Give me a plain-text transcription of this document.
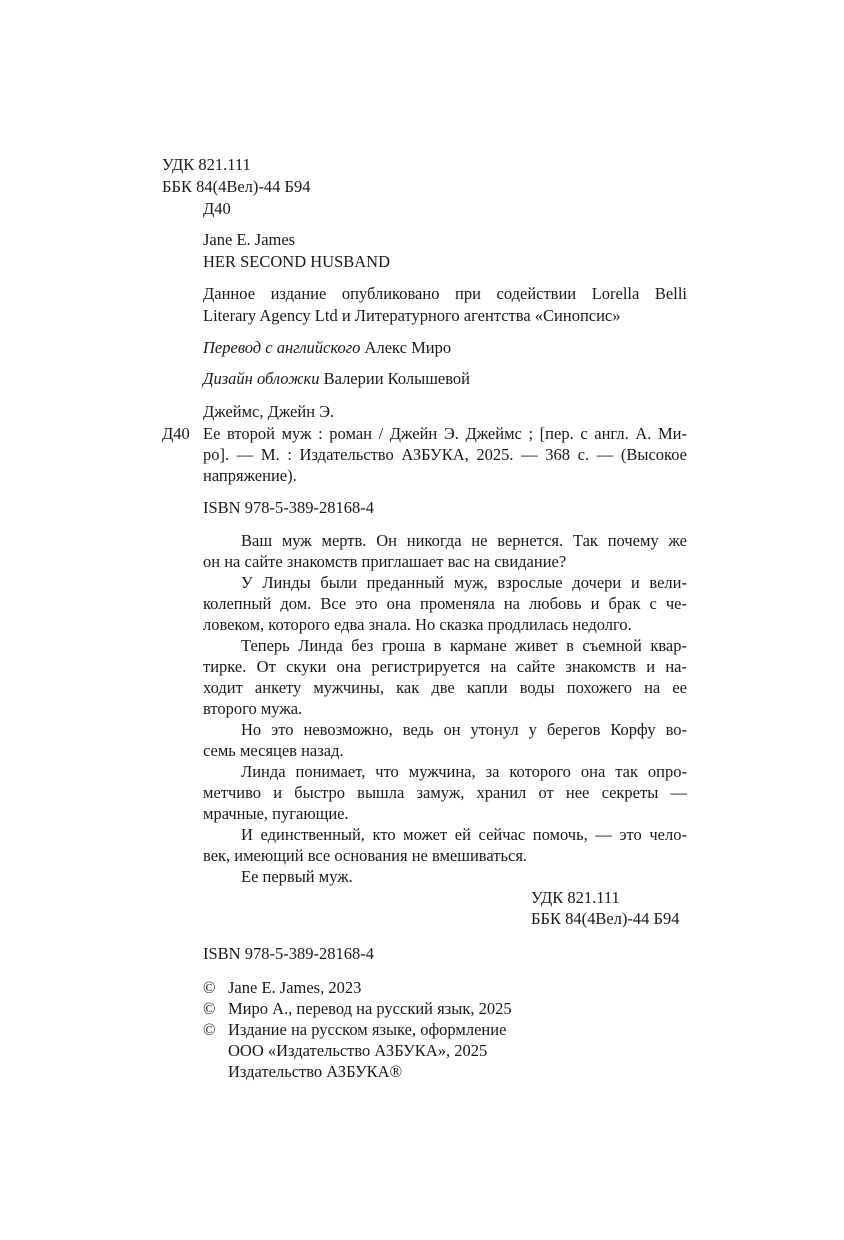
УДК 821.111
ББК 84(4Вел)-44 Б94
Д40
Jane E. James
HER SECOND HUSBAND
Данное издание опубликовано при содействии Lorella Belli
Literary Agency Ltd и Литературного агентства «Синопсис»
Перевод с английского Алекс Миро
Дизайн обложки Валерии Колышевой
Джеймс, Джейн Э.
Д40 Ее второй муж : роман / Джейн Э. Джеймс ; [пер. с англ. А. Ми-
ро]. — М. : Издательство АЗБУКА, 2025. — 368 с. — (Высокое
напряжение).
ISBN 978-5-389-28168-4
Ваш муж мертв. Он никогда не вернется. Так почему же
он на сайте знакомств приглашает вас на свидание?
У Линды были преданный муж, взрослые дочери и вели-
колепный дом. Все это она променяла на любовь и брак с че-
ловеком, которого едва знала. Но сказка продлилась недолго.
Теперь Линда без гроша в кармане живет в съемной квар-
тирке. От скуки она регистрируется на сайте знакомств и на-
ходит анкету мужчины, как две капли воды похожего на ее
второго мужа.
Но это невозможно, ведь он утонул у берегов Корфу во-
семь месяцев назад.
Линда понимает, что мужчина, за которого она так опро-
метчиво и быстро вышла замуж, хранил от нее секреты —
мрачные, пугающие.
И единственный, кто может ей сейчас помочь, — это чело-
век, имеющий все основания не вмешиваться.
Ее первый муж.
УДК 821.111
ББК 84(4Вел)-44 Б94
ISBN 978-5-389-28168-4
© Jane E. James, 2023
© Миро А., перевод на русский язык, 2025
© Издание на русском языке, оформление
ООО «Издательство АЗБУКА», 2025
Издательство АЗБУКА®
